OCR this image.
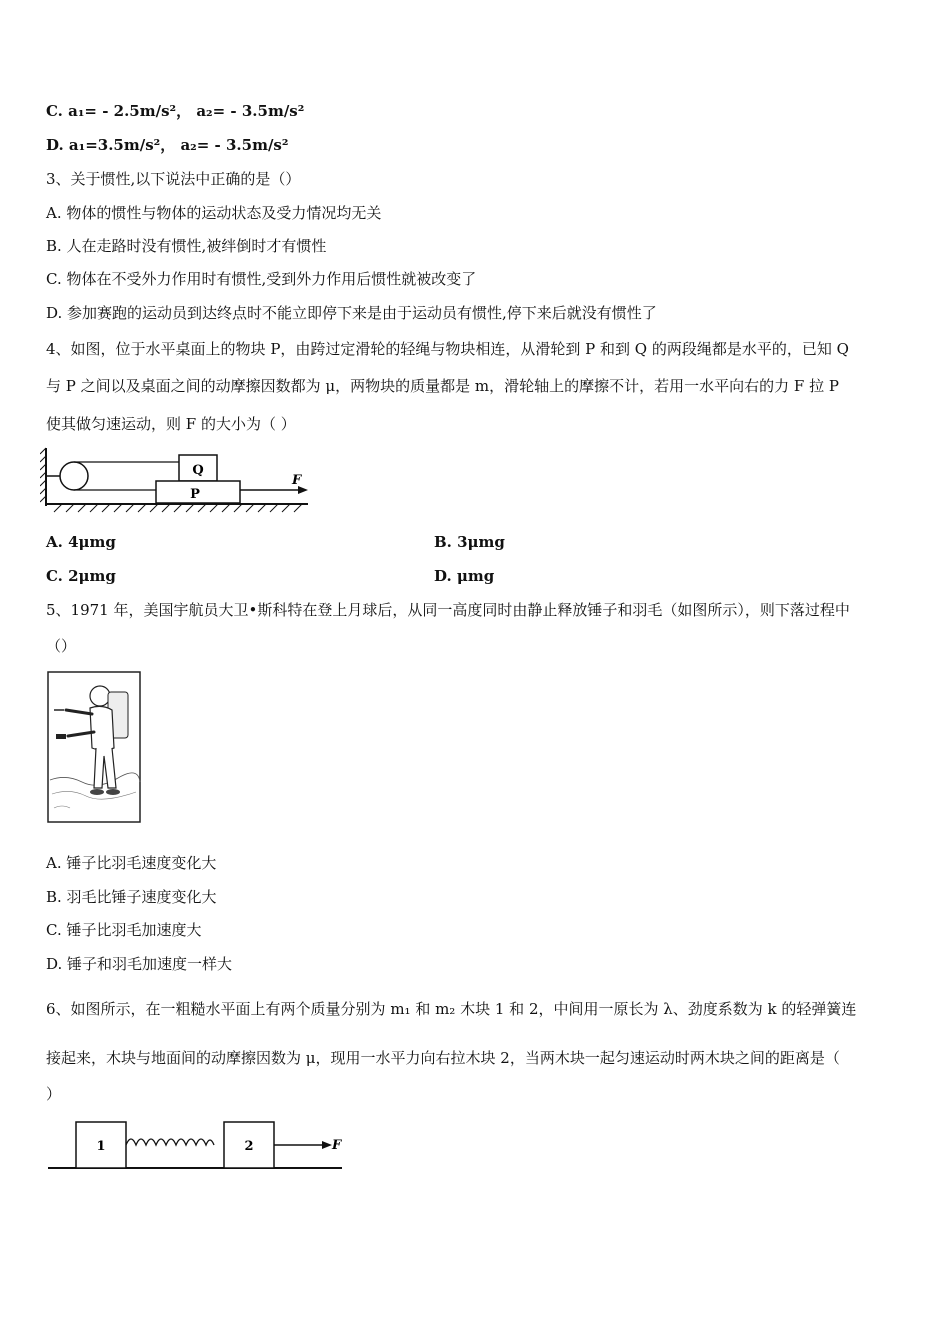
C. a₁= - 2.5m/s²， a₂= - 3.5m/s²
D. a₁=3.5m/s²， a₂= - 3.5m/s²
3、关于惯性,以下说法中正确的是（）
A. 物体的惯性与物体的运动状态及受力情况均无关
B. 人在走路时没有惯性,被绊倒时才有惯性
C. 物体在不受外力作用时有惯性,受到外力作用后惯性就被改变了
D. 参加赛跑的运动员到达终点时不能立即停下来是由于运动员有惯性,停下来后就没有惯性了
4、如图，位于水平桌面上的物块 P，由跨过定滑轮的轻绳与物块相连，从滑轮到 P 和到 Q 的两段绳都是水平的，已知 Q
与 P 之间以及桌面之间的动摩擦因数都为 μ，两物块的质量都是 m，滑轮轴上的摩擦不计，若用一水平向右的力 F 拉 P
使其做匀速运动，则 F 的大小为（ ）
Q
P
F
A. 4μmg	B. 3μmg
C. 2μmg	D. μmg
5、1971 年，美国宇航员大卫•斯科特在登上月球后，从同一高度同时由静止释放锤子和羽毛（如图所示），则下落过程中
（）
A. 锤子比羽毛速度变化大
B. 羽毛比锤子速度变化大
C. 锤子比羽毛加速度大
D. 锤子和羽毛加速度一样大
6、如图所示，在一粗糙水平面上有两个质量分别为 m₁ 和 m₂ 木块 1 和 2，中间用一原长为 λ、劲度系数为 k 的轻弹簧连
接起来，木块与地面间的动摩擦因数为 μ，现用一水平力向右拉木块 2，当两木块一起匀速运动时两木块之间的距离是（
）
1	2	F
